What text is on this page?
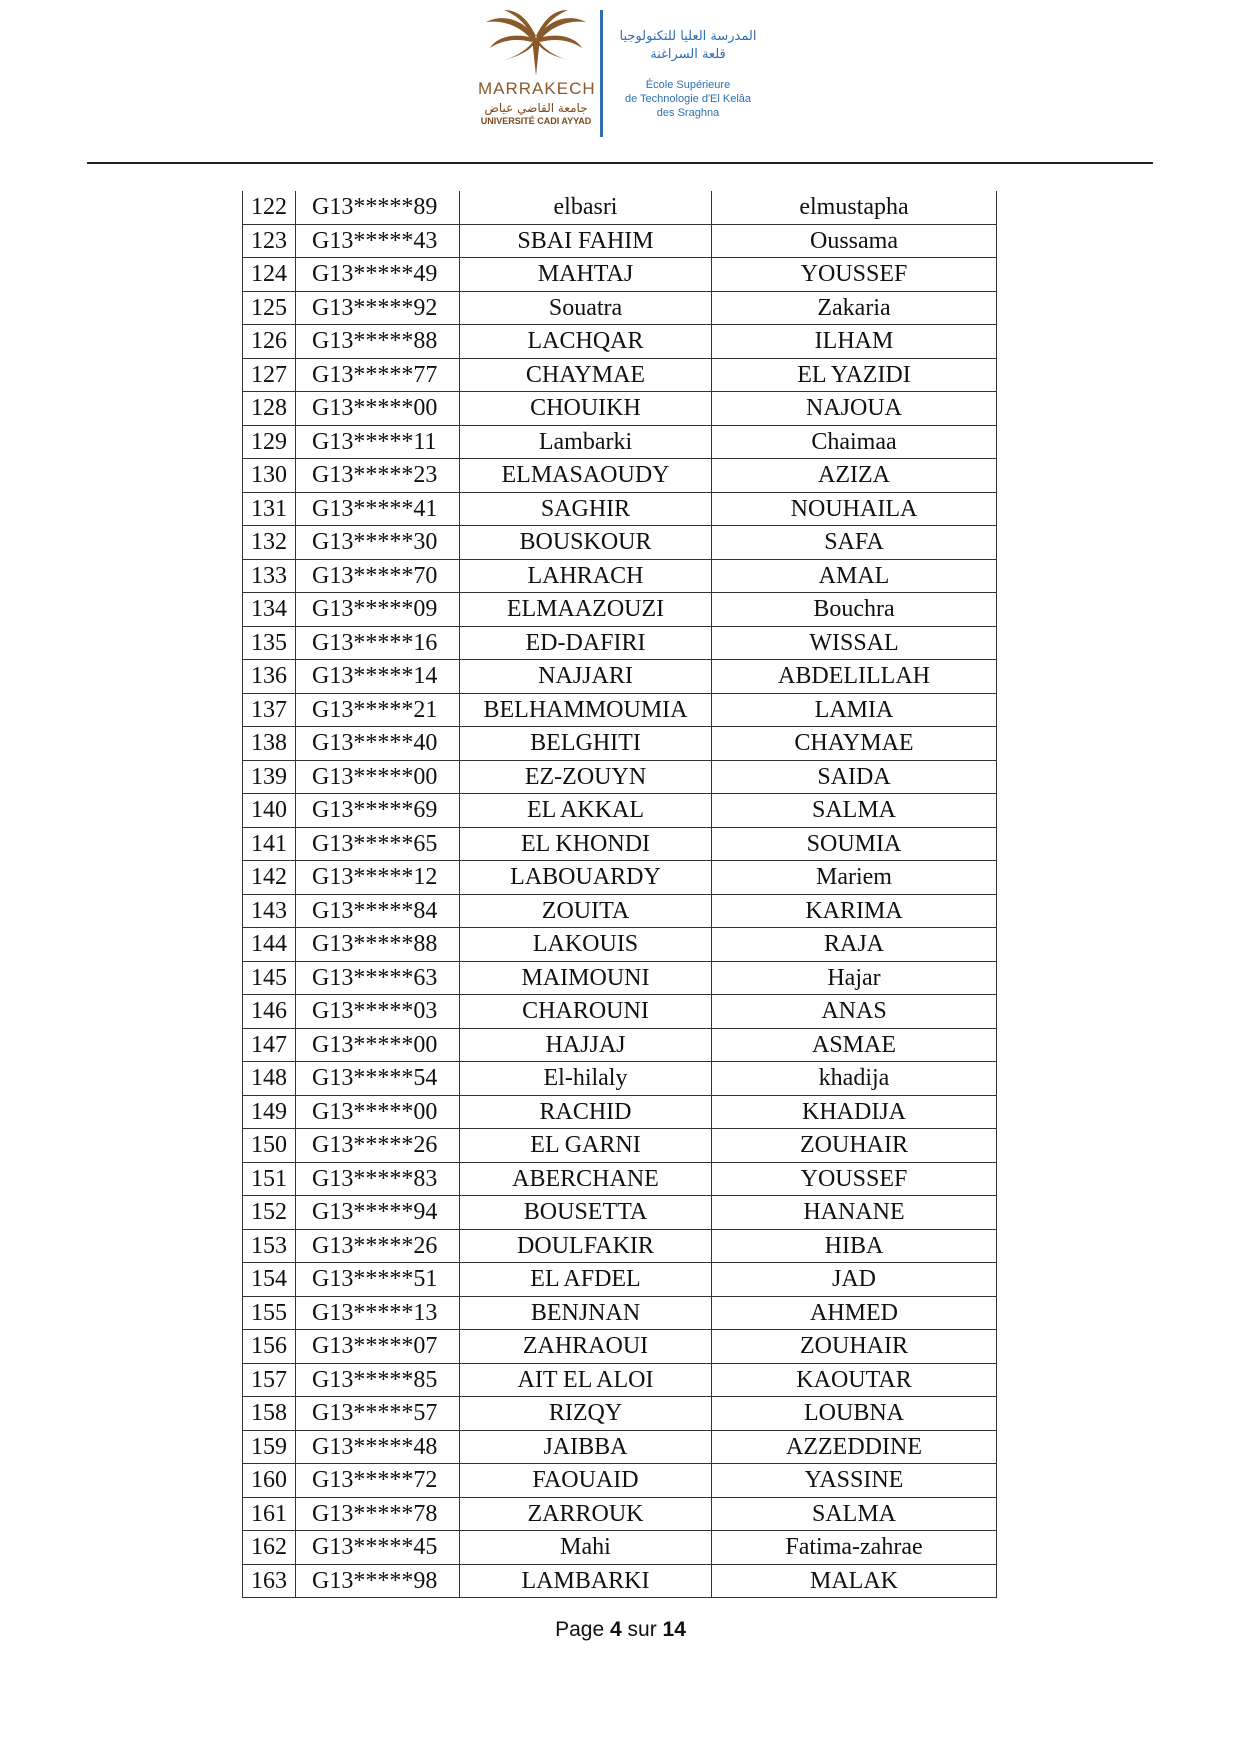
MARRAKECH
جامعة القاضي عياض
UNIVERSITÉ CADI AYYAD
المدرسة العليا للتكنولوجيا
قلعة السراغنة
École Supérieure
de Technologie d'El Kelâa
des Sraghna
122	G13*****89	elbasri	elmustapha
123	G13*****43	SBAI FAHIM	Oussama
124	G13*****49	MAHTAJ	YOUSSEF
125	G13*****92	Souatra	Zakaria
126	G13*****88	LACHQAR	ILHAM
127	G13*****77	CHAYMAE	EL YAZIDI
128	G13*****00	CHOUIKH	NAJOUA
129	G13*****11	Lambarki	Chaimaa
130	G13*****23	ELMASAOUDY	AZIZA
131	G13*****41	SAGHIR	NOUHAILA
132	G13*****30	BOUSKOUR	SAFA
133	G13*****70	LAHRACH	AMAL
134	G13*****09	ELMAAZOUZI	Bouchra
135	G13*****16	ED-DAFIRI	WISSAL
136	G13*****14	NAJJARI	ABDELILLAH
137	G13*****21	BELHAMMOUMIA	LAMIA
138	G13*****40	BELGHITI	CHAYMAE
139	G13*****00	EZ-ZOUYN	SAIDA
140	G13*****69	EL AKKAL	SALMA
141	G13*****65	EL KHONDI	SOUMIA
142	G13*****12	LABOUARDY	Mariem
143	G13*****84	ZOUITA	KARIMA
144	G13*****88	LAKOUIS	RAJA
145	G13*****63	MAIMOUNI	Hajar
146	G13*****03	CHAROUNI	ANAS
147	G13*****00	HAJJAJ	ASMAE
148	G13*****54	El-hilaly	khadija
149	G13*****00	RACHID	KHADIJA
150	G13*****26	EL GARNI	ZOUHAIR
151	G13*****83	ABERCHANE	YOUSSEF
152	G13*****94	BOUSETTA	HANANE
153	G13*****26	DOULFAKIR	HIBA
154	G13*****51	EL AFDEL	JAD
155	G13*****13	BENJNAN	AHMED
156	G13*****07	ZAHRAOUI	ZOUHAIR
157	G13*****85	AIT EL ALOI	KAOUTAR
158	G13*****57	RIZQY	LOUBNA
159	G13*****48	JAIBBA	AZZEDDINE
160	G13*****72	FAOUAID	YASSINE
161	G13*****78	ZARROUK	SALMA
162	G13*****45	Mahi	Fatima-zahrae
163	G13*****98	LAMBARKI	MALAK
Page 4 sur 14
